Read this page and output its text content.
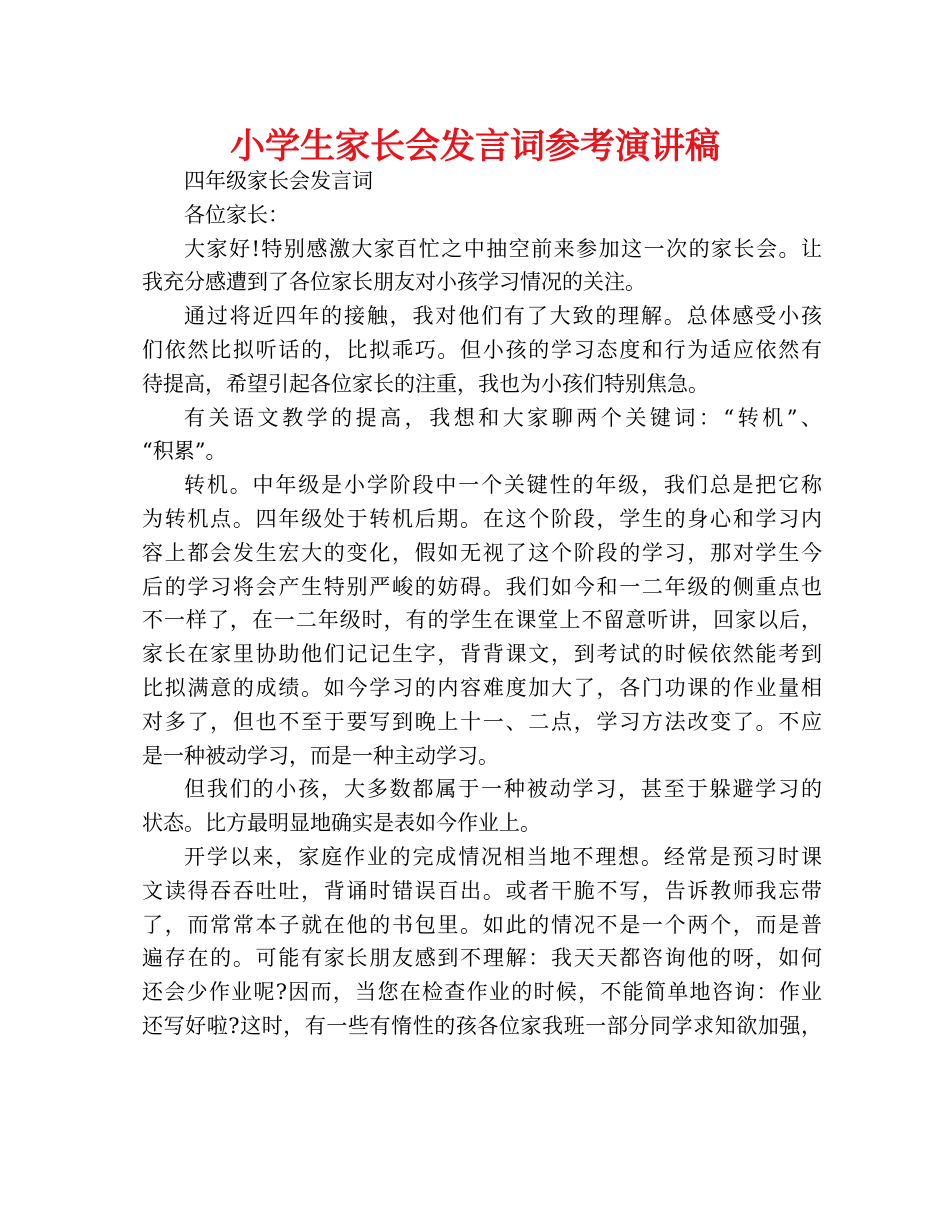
小学生家长会发言词参考演讲稿

四年级家长会发言词

各位家长：

大家好!特别感激大家百忙之中抽空前来参加这一次的家长会。让
我充分感遭到了各位家长朋友对小孩学习情况的关注。

通过将近四年的接触，我对他们有了大致的理解。总体感受小孩
们依然比拟听话的，比拟乖巧。但小孩的学习态度和行为适应依然有
待提高，希望引起各位家长的注重，我也为小孩们特别焦急。

有关语文教学的提高，我想和大家聊两个关键词：“转机”、
“积累”。

转机。中年级是小学阶段中一个关键性的年级，我们总是把它称
为转机点。四年级处于转机后期。在这个阶段，学生的身心和学习内
容上都会发生宏大的变化，假如无视了这个阶段的学习，那对学生今
后的学习将会产生特别严峻的妨碍。我们如今和一二年级的侧重点也
不一样了，在一二年级时，有的学生在课堂上不留意听讲，回家以后，
家长在家里协助他们记记生字，背背课文，到考试的时候依然能考到
比拟满意的成绩。如今学习的内容难度加大了，各门功课的作业量相
对多了，但也不至于要写到晚上十一、二点，学习方法改变了。不应
是一种被动学习，而是一种主动学习。

但我们的小孩，大多数都属于一种被动学习，甚至于躲避学习的
状态。比方最明显地确实是表如今作业上。

开学以来，家庭作业的完成情况相当地不理想。经常是预习时课
文读得吞吞吐吐，背诵时错误百出。或者干脆不写，告诉教师我忘带
了，而常常本子就在他的书包里。如此的情况不是一个两个，而是普
遍存在的。可能有家长朋友感到不理解：我天天都咨询他的呀，如何
还会少作业呢?因而，当您在检查作业的时候，不能简单地咨询：作业
还写好啦?这时，有一些有惰性的孩各位家我班一部分同学求知欲加强，
